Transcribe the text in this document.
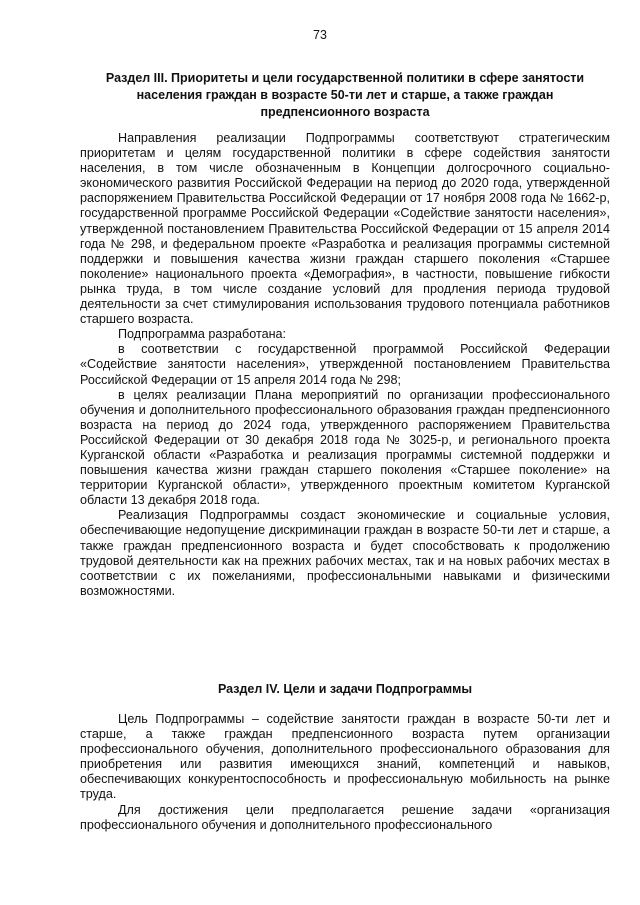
73
Раздел III. Приоритеты и цели государственной политики в сфере занятости
населения граждан в возрасте 50-ти лет и старше, а также граждан
предпенсионного возраста

Направления реализации Подпрограммы соответствуют стратегическим приоритетам и целям государственной политики в сфере содействия занятости населения, в том числе обозначенным в Концепции долгосрочного социально-экономического развития Российской Федерации на период до 2020 года, утвержденной распоряжением Правительства Российской Федерации от 17 ноября 2008 года № 1662-р, государственной программе Российской Федерации «Содействие занятости населения», утвержденной постановлением Правительства Российской Федерации от 15 апреля 2014 года № 298, и федеральном проекте «Разработка и реализация программы системной поддержки и повышения качества жизни граждан старшего поколения «Старшее поколение» национального проекта «Демография», в частности, повышение гибкости рынка труда, в том числе создание условий для продления периода трудовой деятельности за счет стимулирования использования трудового потенциала работников старшего возраста.

Подпрограмма разработана:

в соответствии с государственной программой Российской Федерации «Содействие занятости населения», утвержденной постановлением Правительства Российской Федерации от 15 апреля 2014 года № 298;

в целях реализации Плана мероприятий по организации профессионального обучения и дополнительного профессионального образования граждан предпенсионного возраста на период до 2024 года, утвержденного распоряжением Правительства Российской Федерации от 30 декабря 2018 года № 3025-р, и регионального проекта Курганской области «Разработка и реализация программы системной поддержки и повышения качества жизни граждан старшего поколения «Старшее поколение» на территории Курганской области», утвержденного проектным комитетом Курганской области 13 декабря 2018 года.

Реализация Подпрограммы создаст экономические и социальные условия, обеспечивающие недопущение дискриминации граждан в возрасте 50-ти лет и старше, а также граждан предпенсионного возраста и будет способствовать к продолжению трудовой деятельности как на прежних рабочих местах, так и на новых рабочих местах в соответствии с их пожеланиями, профессиональными навыками и физическими возможностями.

Раздел IV. Цели и задачи Подпрограммы

Цель Подпрограммы – содействие занятости граждан в возрасте 50-ти лет и старше, а также граждан предпенсионного возраста путем организации профессионального обучения, дополнительного профессионального образования для приобретения или развития имеющихся знаний, компетенций и навыков, обеспечивающих конкурентоспособность и профессиональную мобильность на рынке труда.

Для достижения цели предполагается решение задачи «организация профессионального обучения и дополнительного профессионального
